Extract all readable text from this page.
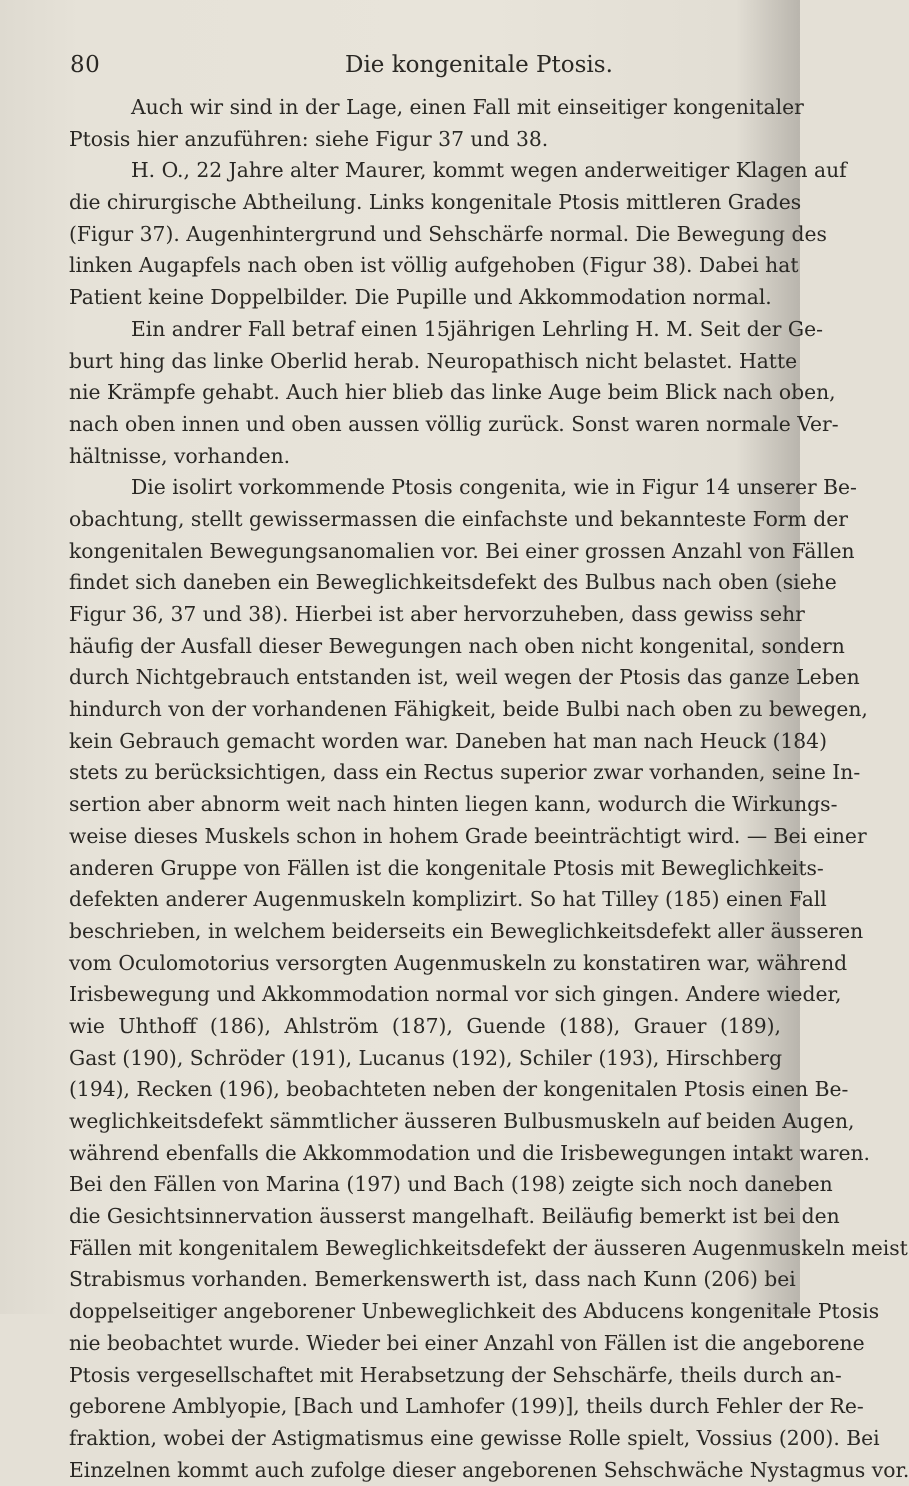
80	Die kongenitale Ptosis.
Auch wir sind in der Lage, einen Fall mit einseitiger kongenitaler
Ptosis hier anzuführen: siehe Figur 37 und 38.
H. O., 22 Jahre alter Maurer, kommt wegen anderweitiger Klagen auf
die chirurgische Abtheilung. Links kongenitale Ptosis mittleren Grades
(Figur 37). Augenhintergrund und Sehschärfe normal. Die Bewegung des
linken Augapfels nach oben ist völlig aufgehoben (Figur 38). Dabei hat
Patient keine Doppelbilder. Die Pupille und Akkommodation normal.
Ein andrer Fall betraf einen 15jährigen Lehrling H. M. Seit der Ge-
burt hing das linke Oberlid herab. Neuropathisch nicht belastet. Hatte
nie Krämpfe gehabt. Auch hier blieb das linke Auge beim Blick nach oben,
nach oben innen und oben aussen völlig zurück. Sonst waren normale Ver-
hältnisse, vorhanden.
Die isolirt vorkommende Ptosis congenita, wie in Figur 14 unserer Be-
obachtung, stellt gewissermassen die einfachste und bekannteste Form der
kongenitalen Bewegungsanomalien vor. Bei einer grossen Anzahl von Fällen
findet sich daneben ein Beweglichkeitsdefekt des Bulbus nach oben (siehe
Figur 36, 37 und 38). Hierbei ist aber hervorzuheben, dass gewiss sehr
häufig der Ausfall dieser Bewegungen nach oben nicht kongenital, sondern
durch Nichtgebrauch entstanden ist, weil wegen der Ptosis das ganze Leben
hindurch von der vorhandenen Fähigkeit, beide Bulbi nach oben zu bewegen,
kein Gebrauch gemacht worden war. Daneben hat man nach Heuck (184)
stets zu berücksichtigen, dass ein Rectus superior zwar vorhanden, seine In-
sertion aber abnorm weit nach hinten liegen kann, wodurch die Wirkungs-
weise dieses Muskels schon in hohem Grade beeinträchtigt wird. — Bei einer
anderen Gruppe von Fällen ist die kongenitale Ptosis mit Beweglichkeits-
defekten anderer Augenmuskeln komplizirt. So hat Tilley (185) einen Fall
beschrieben, in welchem beiderseits ein Beweglichkeitsdefekt aller äusseren
vom Oculomotorius versorgten Augenmuskeln zu konstatiren war, während
Irisbewegung und Akkommodation normal vor sich gingen. Andere wieder,
wie Uhthoff (186), Ahlström (187), Guende (188), Grauer (189),
Gast (190), Schröder (191), Lucanus (192), Schiler (193), Hirschberg
(194), Recken (196), beobachteten neben der kongenitalen Ptosis einen Be-
weglichkeitsdefekt sämmtlicher äusseren Bulbusmuskeln auf beiden Augen,
während ebenfalls die Akkommodation und die Irisbewegungen intakt waren.
Bei den Fällen von Marina (197) und Bach (198) zeigte sich noch daneben
die Gesichtsinnervation äusserst mangelhaft. Beiläufig bemerkt ist bei den
Fällen mit kongenitalem Beweglichkeitsdefekt der äusseren Augenmuskeln meist
Strabismus vorhanden. Bemerkenswerth ist, dass nach Kunn (206) bei
doppelseitiger angeborener Unbeweglichkeit des Abducens kongenitale Ptosis
nie beobachtet wurde. Wieder bei einer Anzahl von Fällen ist die angeborene
Ptosis vergesellschaftet mit Herabsetzung der Sehschärfe, theils durch an-
geborene Amblyopie, [Bach und Lamhofer (199)], theils durch Fehler der Re-
fraktion, wobei der Astigmatismus eine gewisse Rolle spielt, Vossius (200). Bei
Einzelnen kommt auch zufolge dieser angeborenen Sehschwäche Nystagmus vor.
